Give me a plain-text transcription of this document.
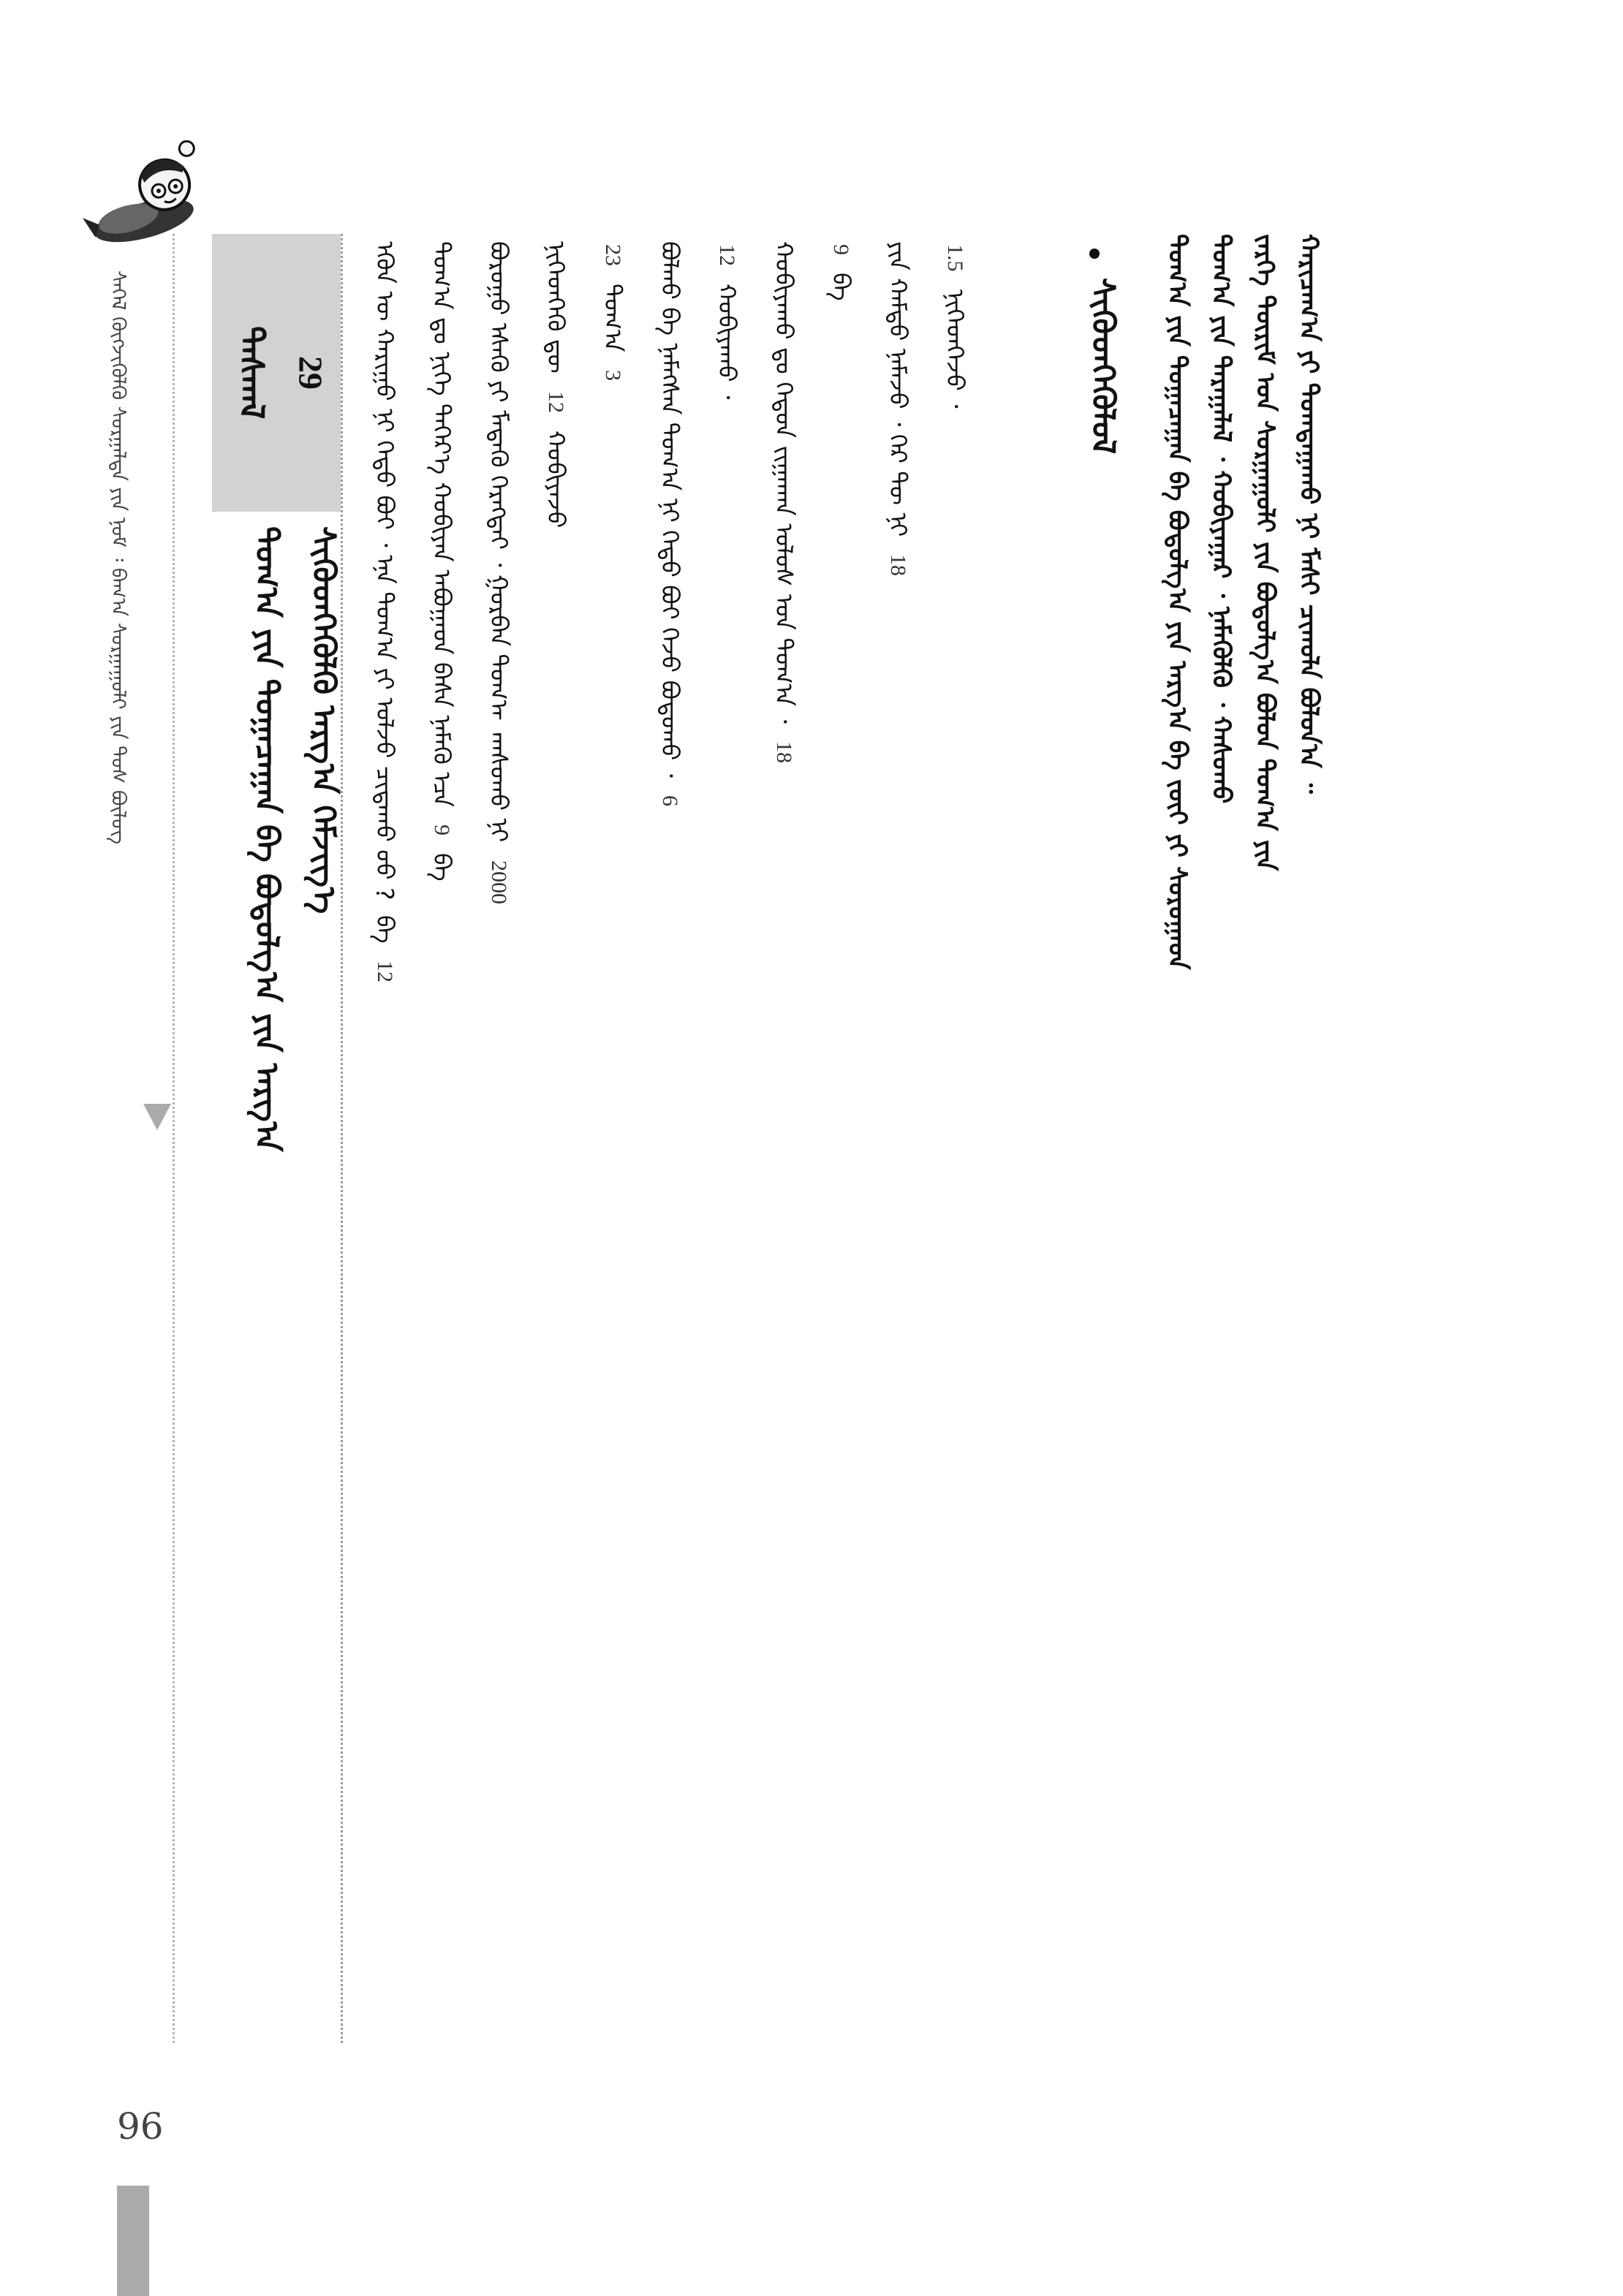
ᠰᠡᠭᠡᠯ ᠬᠥᠭᠵᠢᠭᠦᠯᠬᠦ ᠰᠤᠷᠭᠠᠯᠲᠠ ᠶᠢᠨ ᠨᠣᠮ ᠄ ᠪᠠᠭ᠎ᠠ ᠰᠤᠷᠭᠠᠭᠤᠯᠢ ᠶᠢᠨ ᠲᠤᠰ ᠪᠦᠯᠦᠭ
96
ᠳᠠᠰᠬᠠᠯ 29
ᠲᠤᠭ᠎ᠠ ᠶᠢᠨ ᠲᠣᠭᠠᠴᠠᠭᠠᠨ ᠪᠠ ᠪᠣᠳᠣᠯᠭ᠎ᠠ ᠶᠢᠨ ᠠᠷᠭ᠎ᠠ ᠰᠢᠭᠦᠳᠬᠡᠭᠦᠯᠬᠦ ᠠᠷᠭ᠎ᠠ ᠬᠡᠮᠵᠢᠭ᠎ᠡ	ᠡᠭᠦᠨ ᠦ ᠬᠠᠷᠢᠭᠤ ᠨᠢ ᠬᠡᠳᠦ ᠪᠤᠢ ᠂ ᠡᠨᠡ ᠲᠣᠭ᠎ᠠ ᠶᠢ ᠣᠯᠵᠤ ᠴᠢᠳᠠᠬᠤ ᠤᠤ ?ᠪᠠ12
ᠲᠤᠭ᠎ᠠ ᠳᠤ ᠨᠢᠭᠡ ᠳᠡᠭᠡᠷ᠎ᠡ ᠬᠤᠪᠢᠶᠠᠨ ᠠᠪᠤᠭᠠᠳ ᠪᠠᠰᠠ ᠨᠡᠮᠡᠬᠦ ᠡᠴᠡ9ᠪᠠ
ᠪᠤᠷᠤᠭᠤ ᠡᠰᠡᠬᠦ ᠶᠢ ᠮᠡᠳᠡᠬᠦ ᠬᠡᠷᠡᠭᠲᠡᠢ ᠂ ᠭᠤᠷᠪᠠᠨ ᠲᠣᠭ᠎ᠠᠬᠠᠰᠤᠬᠤ ᠨᠢ2000
ᠨᠢᠭᠡᠳᠬᠡᠬᠦ ᠳᠦ12ᠬᠤᠪᠢᠶᠠᠵᠤ
23ᠲᠣᠭ᠎ᠠ3 ᠪᠣᠯᠬᠤ ᠪᠠ ᠨᠡᠮᠡᠭᠰᠡᠨ ᠲᠣᠭ᠎ᠠ ᠨᠢ ᠬᠡᠳᠦ ᠪᠤᠢ ᠭᠡᠵᠦ ᠪᠣᠳᠣᠬᠤ ᠂6
12ᠬᠤᠪᠢᠶᠠᠬᠤ ᠂ ᠬᠤᠪᠢᠶᠠᠬᠤ ᠳᠤ ᠬᠡᠳᠦᠨ ᠵᠢᠭᠠᠬᠠᠨ ᠤᠯᠤᠰ ᠤᠨ ᠲᠣᠭ᠎ᠠ ᠂18
9ᠪᠠ ᠶᠢᠨ ᠬᠠᠮᠲᠤ ᠨᠡᠮᠡᠵᠦ ᠂ ᠭᠡᠷ ᠲᠦ ᠨᠢ18
1.5ᠨᠢᠭᠡᠳᠬᠡᠵᠦ ᠂	ᠰᠢᠭᠦᠳᠬᠡᠭᠦᠯᠦᠯ	ᠲᠤᠭ᠎ᠠ ᠶᠢᠨ ᠲᠣᠭᠠᠴᠠᠭᠠᠨ ᠪᠠ ᠪᠣᠳᠣᠯᠭ᠎ᠠ ᠶᠢᠨ ᠠᠷᠭ᠎ᠠ ᠪᠠ ᠵᠦᠢ ᠶᠢ ᠰᠤᠷᠤᠭᠠᠳ ᠲᠤᠭ᠎ᠠ ᠶᠢᠨ ᠳᠠᠷᠠᠭᠠᠯᠠᠯ ᠂ ᠬᠤᠪᠢᠶᠠᠭᠠᠷ ᠂ ᠨᠡᠮᠡᠭᠦᠯᠬᠦ ᠂ ᠬᠠᠰᠤᠬᠤ ᠵᠡᠷᠭᠡ ᠳᠦᠷᠢᠮ ᠤᠨ ᠰᠤᠷᠭᠠᠭᠤᠯᠢ ᠶᠢᠨ ᠪᠣᠳᠣᠯᠭ᠎ᠠ ᠪᠣᠯᠤᠨ ᠲᠣᠭ᠎ᠠ ᠶᠢᠨ ᠬᠠᠷᠢᠴᠠᠭ᠎ᠠ ᠶᠢ ᠲᠣᠭᠲᠠᠭᠠᠬᠤ ᠨᠢ ᠮᠠᠰᠢ ᠴᠢᠬᠤᠯᠠ ᠪᠣᠯᠤᠨ᠎ᠠ ᠃
